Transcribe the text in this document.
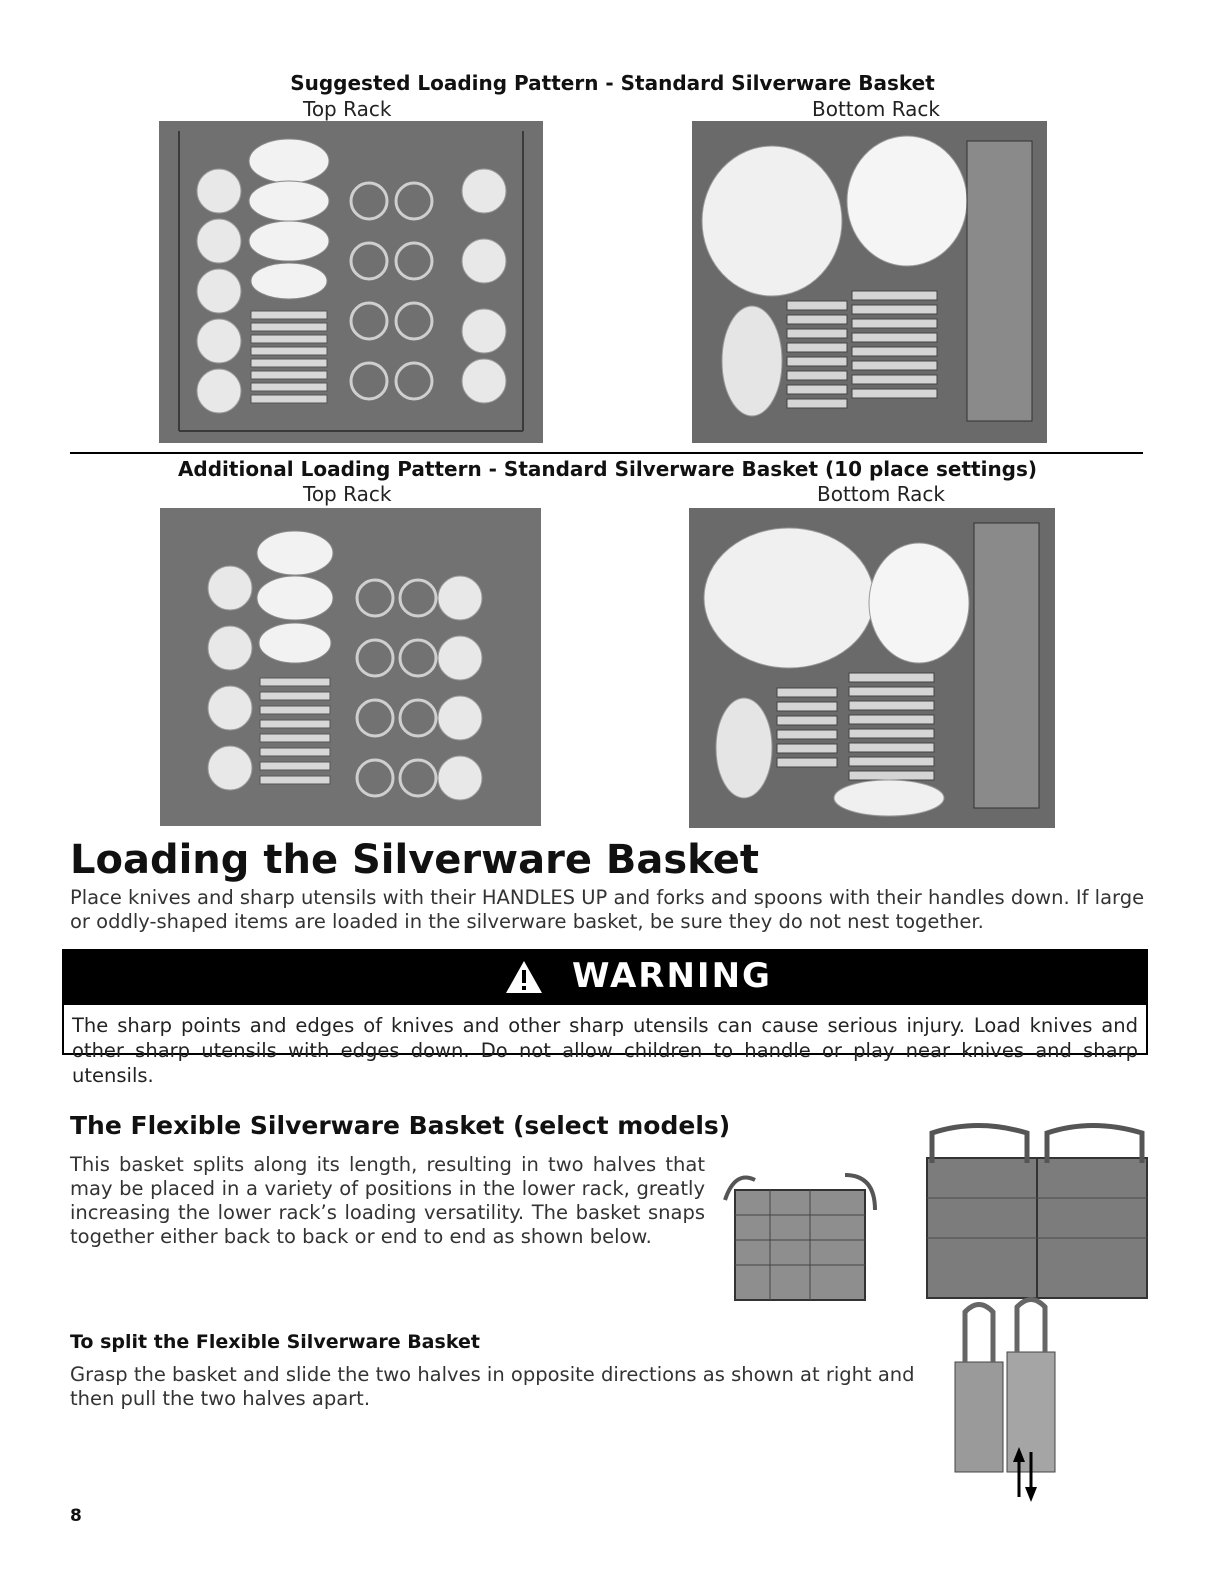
Suggested Loading Pattern - Standard Silverware Basket
Top Rack	Bottom Rack
Additional Loading Pattern - Standard Silverware Basket (10 place settings)
Top Rack	Bottom Rack
Loading the Silverware Basket

Place knives and sharp utensils with their HANDLES UP and forks and spoons with their handles down. If large or oddly-shaped items are loaded in the silverware basket, be sure they do not nest together.

WARNING
The sharp points and edges of knives and other sharp utensils can cause serious injury. Load knives and other sharp utensils with edges down. Do not allow children to handle or play near knives and sharp utensils.
The Flexible Silverware Basket (select models)

This basket splits along its length, resulting in two halves that may be placed in a variety of positions in the lower rack, greatly increasing the lower rack’s loading versatility. The basket snaps together either back to back or end to end as shown below.

To split the Flexible Silverware Basket

Grasp the basket and slide the two halves in opposite directions as shown at right and then pull the two halves apart.

8
